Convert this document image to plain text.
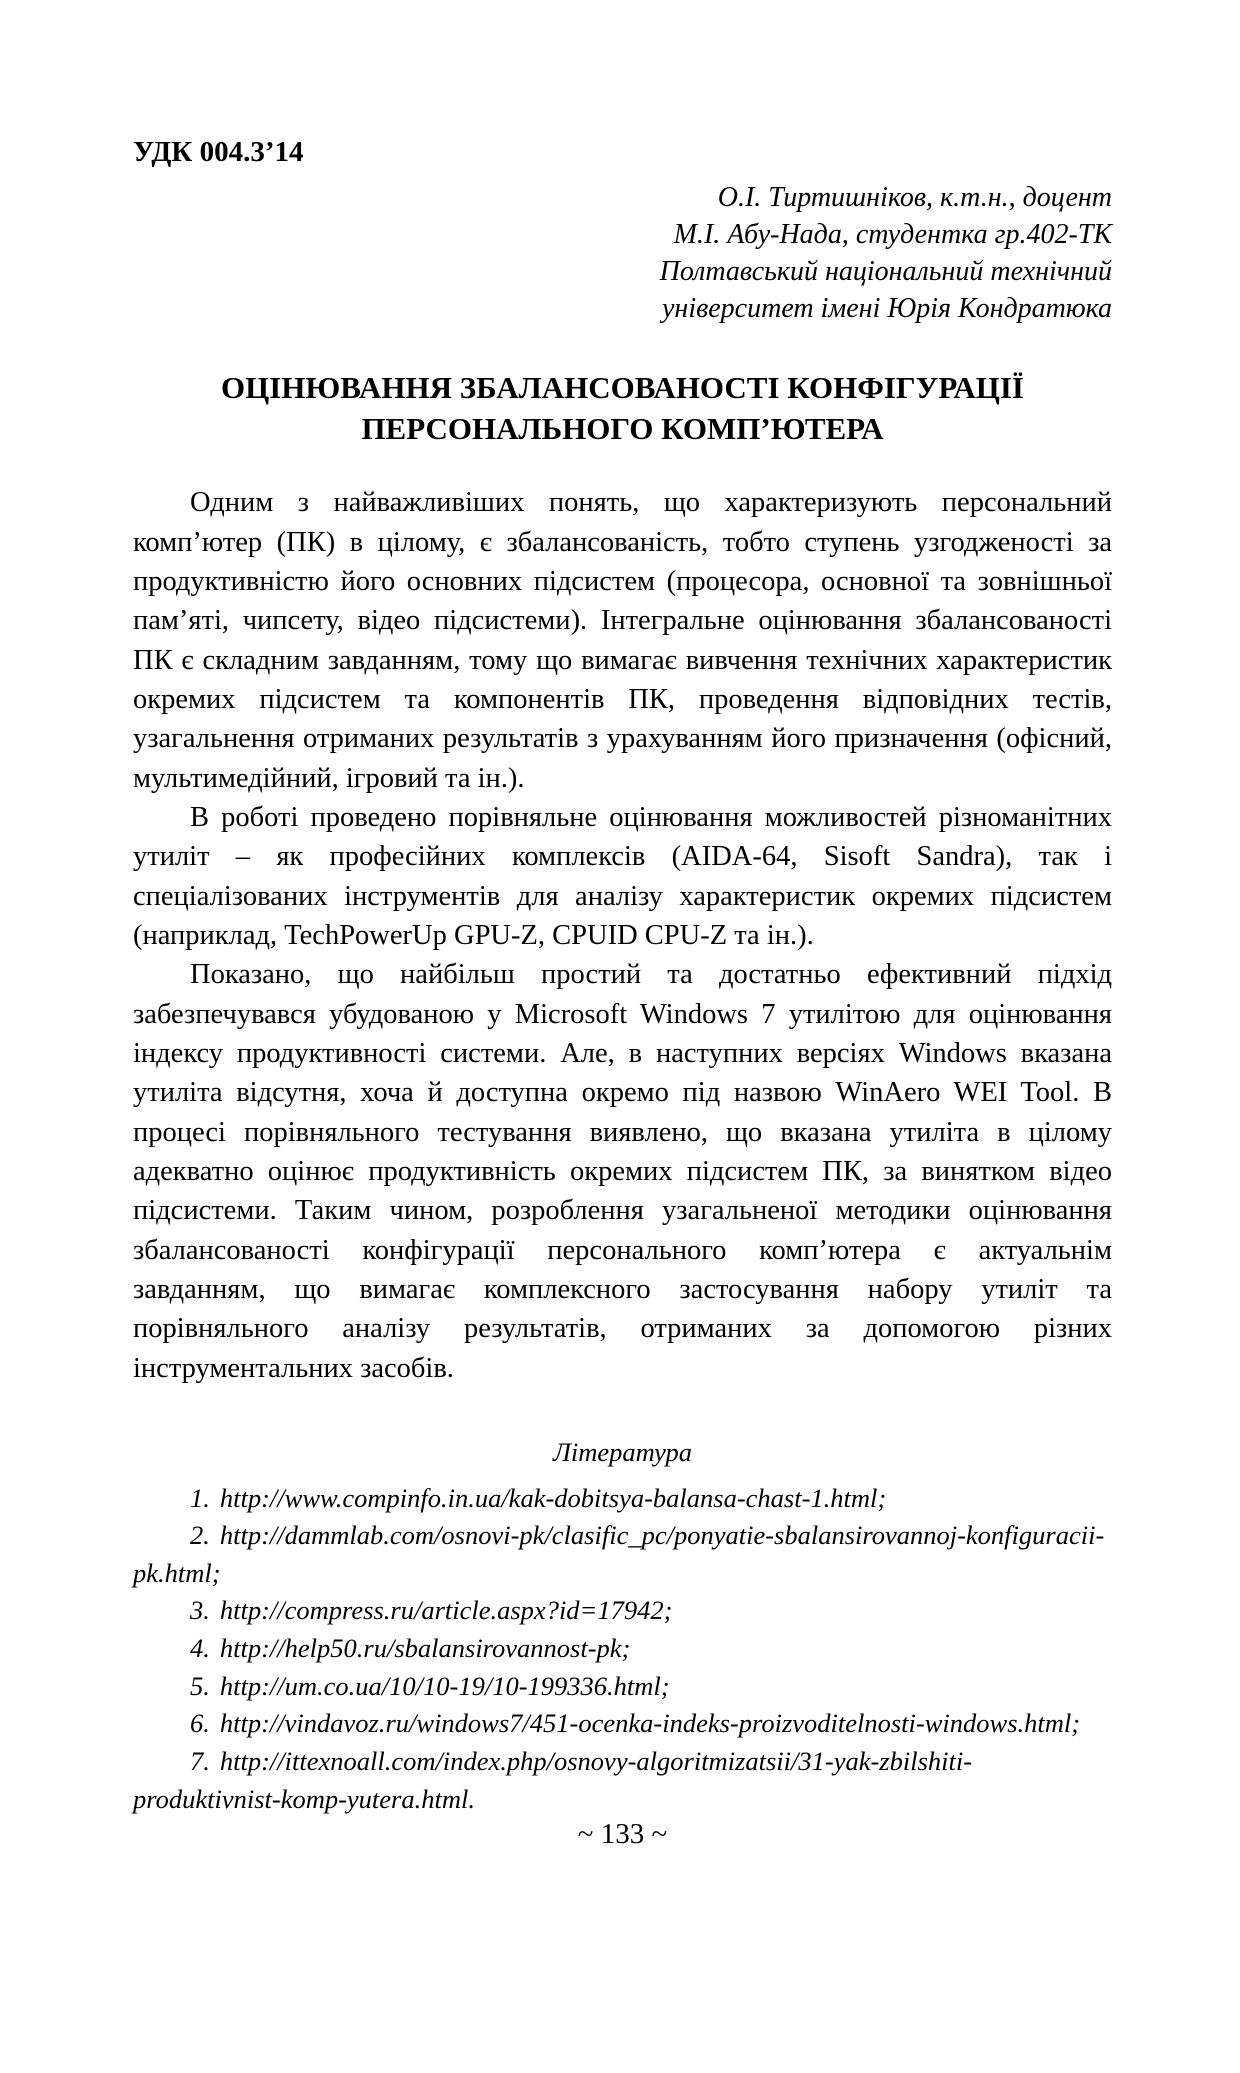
УДК 004.3’14
О.І. Тиртишніков, к.т.н., доцент
М.І. Абу-Нада, студентка гр.402-ТК
Полтавський національний технічний
університет імені Юрія Кондратюка
ОЦІНЮВАННЯ ЗБАЛАНСОВАНОСТІ КОНФІГУРАЦІЇ
ПЕРСОНАЛЬНОГО КОМП’ЮТЕРА

Одним з найважливіших понять, що характеризують персональний комп’ютер (ПК) в цілому, є збалансованість, тобто ступень узгодженості за продуктивністю його основних підсистем (процесора, основної та зовнішньої пам’яті, чипсету, відео підсистеми). Інтегральне оцінювання збалансованості ПК є складним завданням, тому що вимагає вивчення технічних характеристик окремих підсистем та компонентів ПК, проведення відповідних тестів, узагальнення отриманих результатів з урахуванням його призначення (офісний, мультимедійний, ігровий та ін.).

В роботі проведено порівняльне оцінювання можливостей різноманітних утиліт – як професійних комплексів (AIDA-64, Sisoft Sandra), так і спеціалізованих інструментів для аналізу характеристик окремих підсистем (наприклад, TechPowerUp GPU-Z, CPUID CPU-Z та ін.).

Показано, що найбільш простий та достатньо ефективний підхід забезпечувався убудованою у Microsoft Windows 7 утилітою для оцінювання індексу продуктивності системи. Але, в наступних версіях Windows вказана утиліта відсутня, хоча й доступна окремо під назвою WinAero WEI Tool. В процесі порівняльного тестування виявлено, що вказана утиліта в цілому адекватно оцінює продуктивність окремих підсистем ПК, за винятком відео підсистеми. Таким чином, розроблення узагальненої методики оцінювання збалансованості конфігурації персонального комп’ютера є актуальнім завданням, що вимагає комплексного застосування набору утиліт та порівняльного аналізу результатів, отриманих за допомогою різних інструментальних засобів.

Література

1. http://www.compinfo.in.ua/kak-dobitsya-balansa-chast-1.html;

2. http://dammlab.com/osnovi-pk/clasific_pc/ponyatie-sbalansirovannoj-konfiguracii-pk.html;

3. http://compress.ru/article.aspx?id=17942;

4. http://help50.ru/sbalansirovannost-pk;

5. http://um.co.ua/10/10-19/10-199336.html;

6. http://vindavoz.ru/windows7/451-ocenka-indeks-proizvoditelnosti-windows.html;

7. http://ittexnoall.com/index.php/osnovy-algoritmizatsii/31-yak-zbilshiti-produktivnist-komp-yutera.html.

~ 133 ~
